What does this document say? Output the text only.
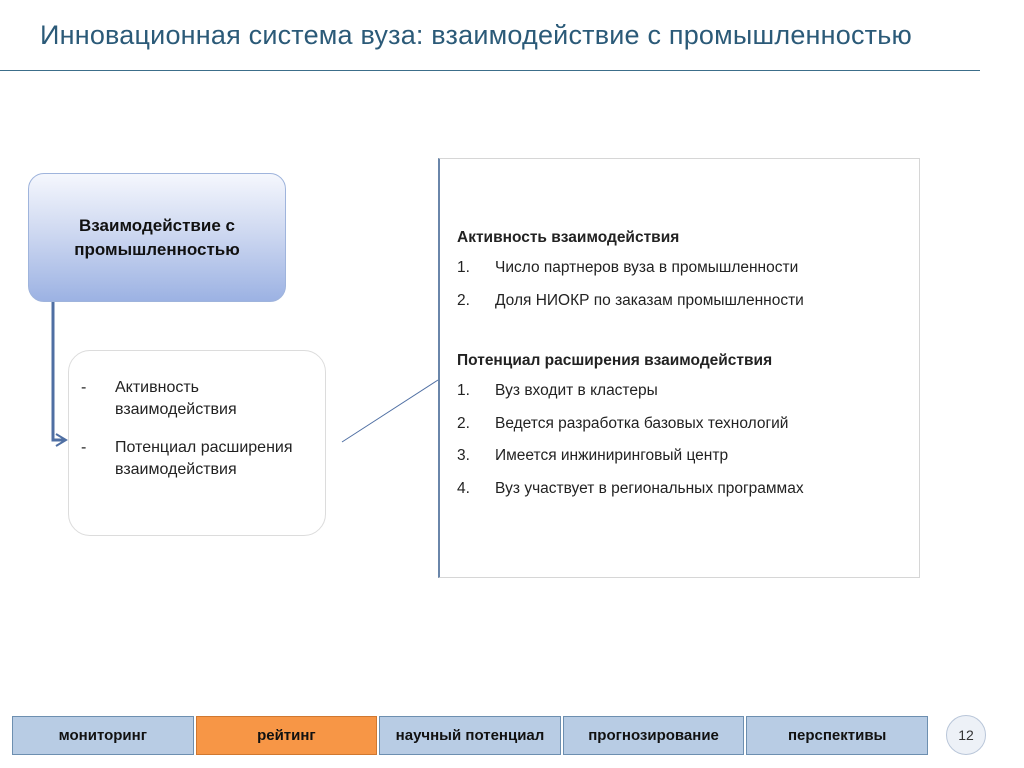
Инновационная система вуза: взаимодействие с промышленностью
Взаимодействие с промышленностью
-	Активность взаимодействия
-	Потенциал расширения взаимодействия
Активность взаимодействия
1.	Число партнеров вуза в промышленности
2.	Доля НИОКР по заказам промышленности
Потенциал расширения взаимодействия
1.	Вуз входит в кластеры
2.	Ведется разработка базовых технологий
3.	Имеется инжиниринговый центр
4.	Вуз участвует в региональных программах
мониторинг	рейтинг	научный потенциал	прогнозирование	перспективы	12
